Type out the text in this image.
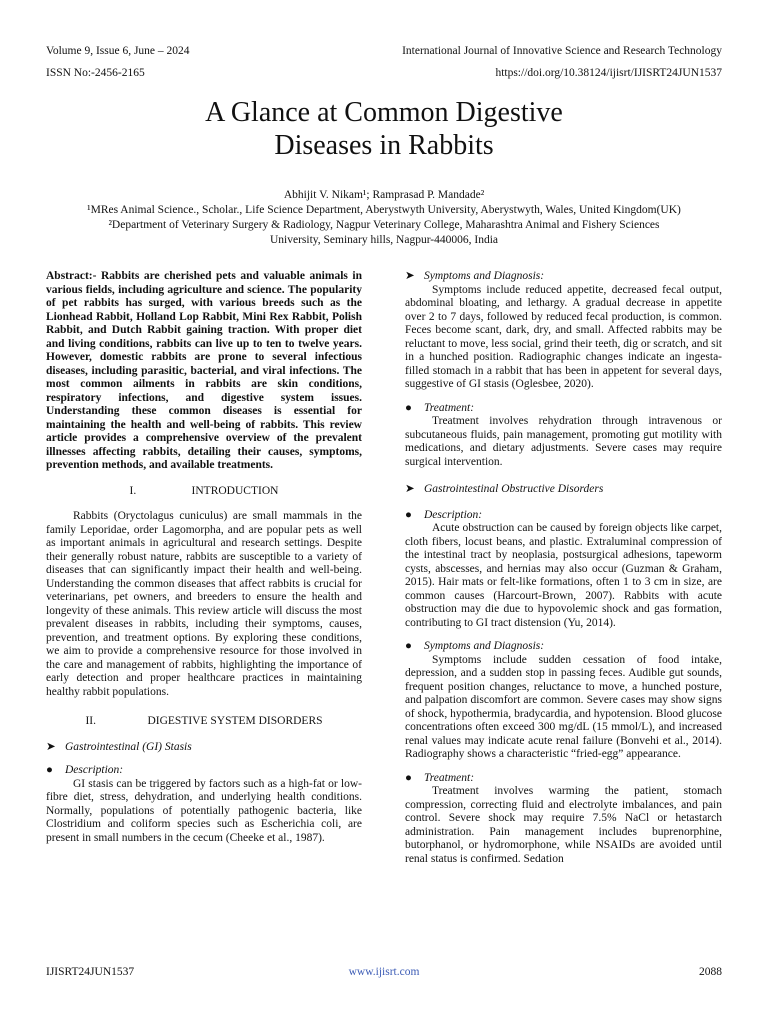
Volume 9, Issue 6, June – 2024	International Journal of Innovative Science and Research Technology
ISSN No:-2456-2165	https://doi.org/10.38124/ijisrt/IJISRT24JUN1537
A Glance at Common Digestive
Diseases in Rabbits
Abhijit V. Nikam¹; Ramprasad P. Mandade²
¹MRes Animal Science., Scholar., Life Science Department, Aberystwyth University, Aberystwyth, Wales, United Kingdom(UK)
²Department of Veterinary Surgery & Radiology, Nagpur Veterinary College, Maharashtra Animal and Fishery Sciences
University, Seminary hills, Nagpur-440006, India

Abstract:- Rabbits are cherished pets and valuable animals in various fields, including agriculture and science. The popularity of pet rabbits has surged, with various breeds such as the Lionhead Rabbit, Holland Lop Rabbit, Mini Rex Rabbit, Polish Rabbit, and Dutch Rabbit gaining traction. With proper diet and living conditions, rabbits can live up to ten to twelve years. However, domestic rabbits are prone to several infectious diseases, including parasitic, bacterial, and viral infections. The most common ailments in rabbits are skin conditions, respiratory infections, and digestive system issues. Understanding these common diseases is essential for maintaining the health and well-being of rabbits. This review article provides a comprehensive overview of the prevalent illnesses affecting rabbits, detailing their causes, symptoms, prevention methods, and available treatments.

I.	INTRODUCTION

Rabbits (Oryctolagus cuniculus) are small mammals in the family Leporidae, order Lagomorpha, and are popular pets as well as important animals in agricultural and research settings. Despite their generally robust nature, rabbits are susceptible to a variety of diseases that can significantly impact their health and well-being. Understanding the common diseases that affect rabbits is crucial for veterinarians, pet owners, and breeders to ensure the health and longevity of these animals. This review article will discuss the most prevalent diseases in rabbits, including their symptoms, causes, prevention, and treatment options. By exploring these conditions, we aim to provide a comprehensive resource for those involved in the care and management of rabbits, highlighting the importance of early detection and proper healthcare practices in maintaining healthy rabbit populations.

II.	DIGESTIVE SYSTEM DISORDERS
➤ Gastrointestinal (GI) Stasis
● Description:

GI stasis can be triggered by factors such as a high-fat or low-fibre diet, stress, dehydration, and underlying health conditions. Normally, populations of potentially pathogenic bacteria, like Clostridium and coliform species such as Escherichia coli, are present in small numbers in the cecum (Cheeke et al., 1987).

➤ Symptoms and Diagnosis:

Symptoms include reduced appetite, decreased fecal output, abdominal bloating, and lethargy. A gradual decrease in appetite over 2 to 7 days, followed by reduced fecal production, is common. Feces become scant, dark, dry, and small. Affected rabbits may be reluctant to move, less social, grind their teeth, dig or scratch, and sit in a hunched position. Radiographic changes indicate an ingesta-filled stomach in a rabbit that has been in appetent for several days, suggestive of GI stasis (Oglesbee, 2020).

● Treatment:

Treatment involves rehydration through intravenous or subcutaneous fluids, pain management, promoting gut motility with medications, and dietary adjustments. Severe cases may require surgical intervention.

➤ Gastrointestinal Obstructive Disorders
● Description:

Acute obstruction can be caused by foreign objects like carpet, cloth fibers, locust beans, and plastic. Extraluminal compression of the intestinal tract by neoplasia, postsurgical adhesions, tapeworm cysts, abscesses, and hernias may also occur (Guzman & Graham, 2015). Hair mats or felt-like formations, often 1 to 3 cm in size, are common causes (Harcourt-Brown, 2007). Rabbits with acute obstruction may die due to hypovolemic shock and gas formation, contributing to GI tract distension (Yu, 2014).

● Symptoms and Diagnosis:

Symptoms include sudden cessation of food intake, depression, and a sudden stop in passing feces. Audible gut sounds, frequent position changes, reluctance to move, a hunched posture, and palpation discomfort are common. Severe cases may show signs of shock, hypothermia, bradycardia, and hypotension. Blood glucose concentrations often exceed 300 mg/dL (15 mmol/L), and increased renal values may indicate acute renal failure (Bonvehi et al., 2014). Radiography shows a characteristic “fried-egg” appearance.

● Treatment:

Treatment involves warming the patient, stomach compression, correcting fluid and electrolyte imbalances, and pain control. Severe shock may require 7.5% NaCl or hetastarch administration. Pain management includes buprenorphine, butorphanol, or hydromorphone, while NSAIDs are avoided until renal status is confirmed. Sedation

IJISRT24JUN1537	www.ijisrt.com	2088
